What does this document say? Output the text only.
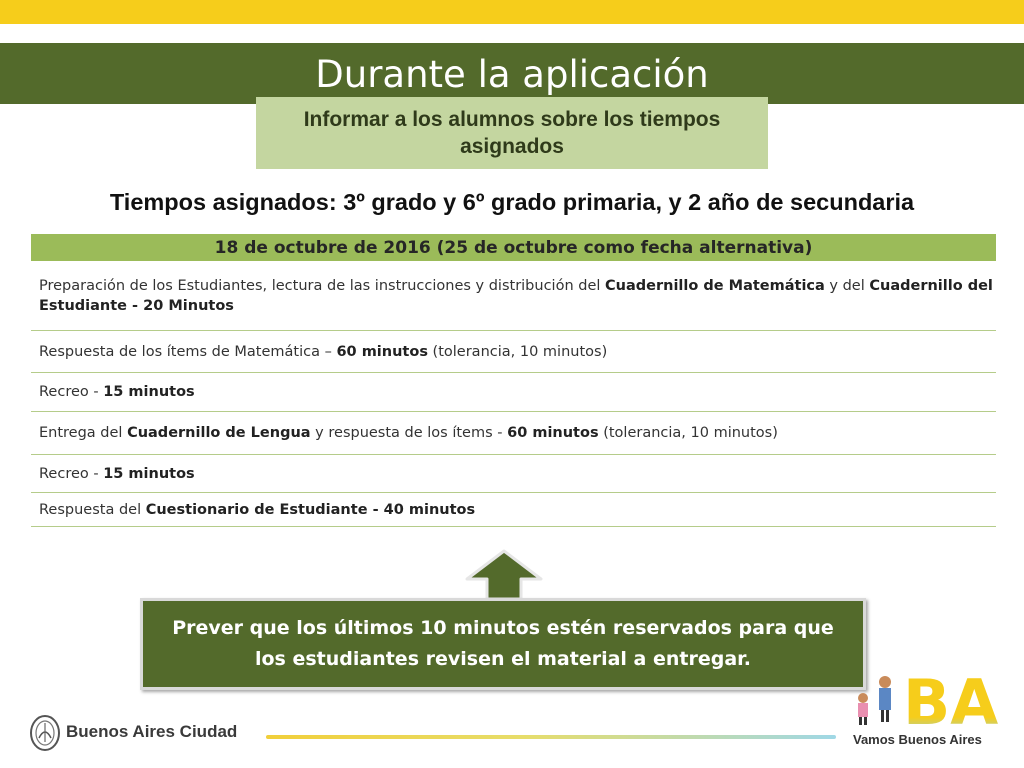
Durante la aplicación
Informar a los alumnos sobre los tiempos asignados
Tiempos asignados: 3º grado y 6º grado primaria, y 2 año de secundaria
18 de octubre de 2016 (25 de octubre como fecha alternativa)
Preparación de los Estudiantes, lectura de las instrucciones y distribución del Cuadernillo de Matemática y del Cuadernillo del Estudiante - 20 Minutos
Respuesta de los ítems de Matemática – 60 minutos (tolerancia, 10 minutos)
Recreo - 15 minutos
Entrega del Cuadernillo de Lengua y respuesta de los ítems - 60 minutos (tolerancia, 10 minutos)
Recreo - 15 minutos
Respuesta del Cuestionario de Estudiante - 40 minutos
Prever que los últimos 10 minutos estén reservados para que los estudiantes revisen el material a entregar.
Buenos Aires Ciudad	BA
Vamos Buenos Aires
